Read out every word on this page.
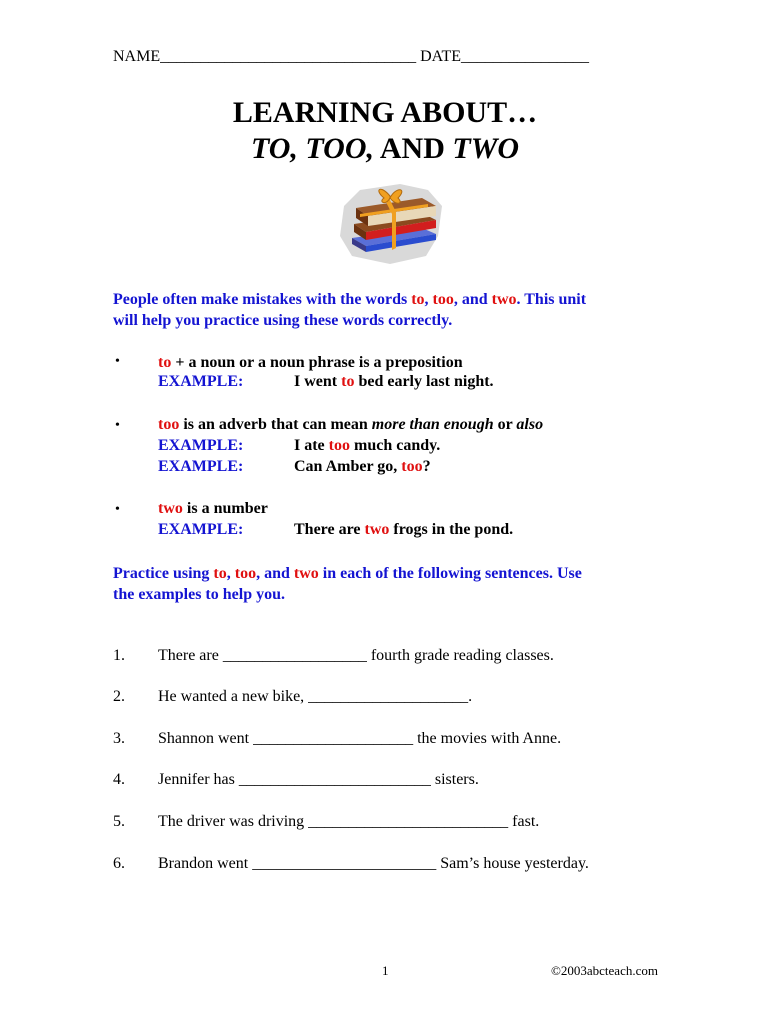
NAME________________________________ DATE________________
LEARNING ABOUT…
TO, TOO, AND TWO
People often make mistakes with the words to, too, and two. This unit
will help you practice using these words correctly.
• to + a noun or a noun phrase is a preposition
EXAMPLE:	I went to bed early last night.
• too is an adverb that can mean more than enough or also
EXAMPLE:	I ate too much candy.
EXAMPLE:	Can Amber go, too?
• two is a number
EXAMPLE:	There are two frogs in the pond.
Practice using to, too, and two in each of the following sentences. Use
the examples to help you.
1. There are __________________ fourth grade reading classes.
2. He wanted a new bike, ____________________.
3. Shannon went ____________________ the movies with Anne.
4. Jennifer has ________________________ sisters.
5. The driver was driving _________________________ fast.
6. Brandon went _______________________ Sam’s house yesterday.
1	©2003abcteach.com
